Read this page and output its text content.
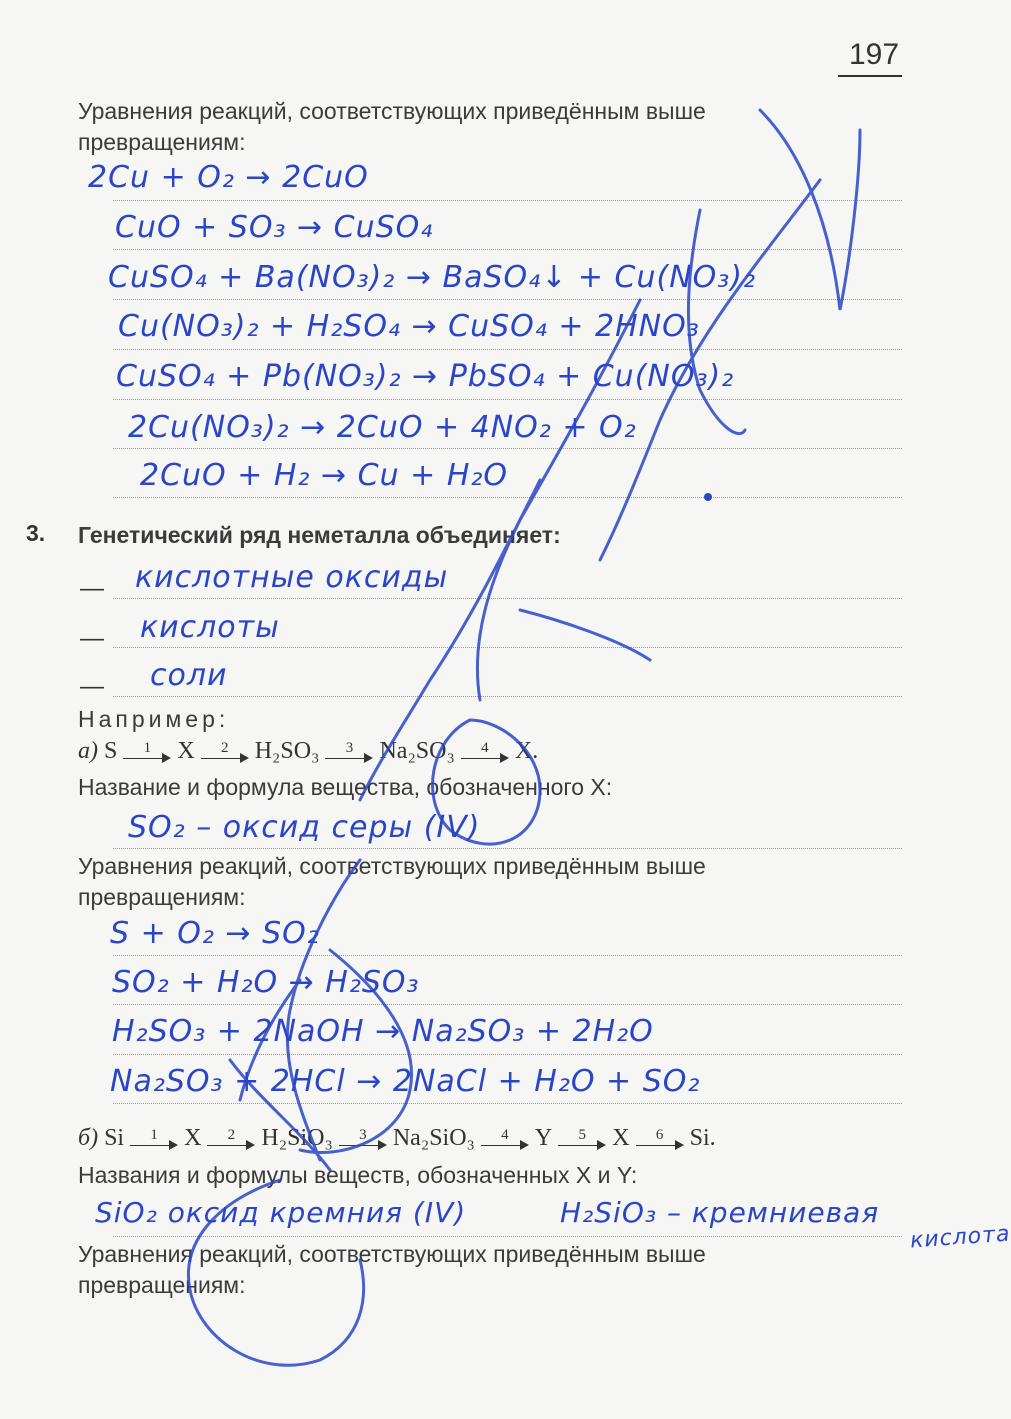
197
Уравнения реакций, соответствующих приведённым выше
превращениям:
2Cu + O₂ → 2CuO
CuO + SO₃ → CuSO₄
CuSO₄ + Ba(NO₃)₂ → BaSO₄↓ + Cu(NO₃)₂
Cu(NO₃)₂ + H₂SO₄ → CuSO₄ + 2HNO₃
CuSO₄ + Pb(NO₃)₂ → PbSO₄ + Cu(NO₃)₂
2Cu(NO₃)₂ → 2CuO + 4NO₂ + O₂
2CuO + H₂ → Cu + H₂O
3. Генетический ряд неметалла объединяет:
—
—
—
кислотные оксиды
кислоты
соли
Например:
а) S	1	X	2	H₂SO₃	3	Na₂SO₃	4	X.
Название и формула вещества, обозначенного X:
SO₂ – оксид серы (IV)
Уравнения реакций, соответствующих приведённым выше
превращениям:
S + O₂ → SO₂
SO₂ + H₂O → H₂SO₃
H₂SO₃ + 2NaOH → Na₂SO₃ + 2H₂O
Na₂SO₃ + 2HCl → 2NaCl + H₂O + SO₂
б) Si	1	X	2	H₂SiO₃	3	Na₂SiO₃	4	Y	5	X	6	Si.
Названия и формулы веществ, обозначенных X и Y:
SiO₂ оксид кремния (IV)	H₂SiO₃ – кремниевая
кислота
Уравнения реакций, соответствующих приведённым выше
превращениям:
